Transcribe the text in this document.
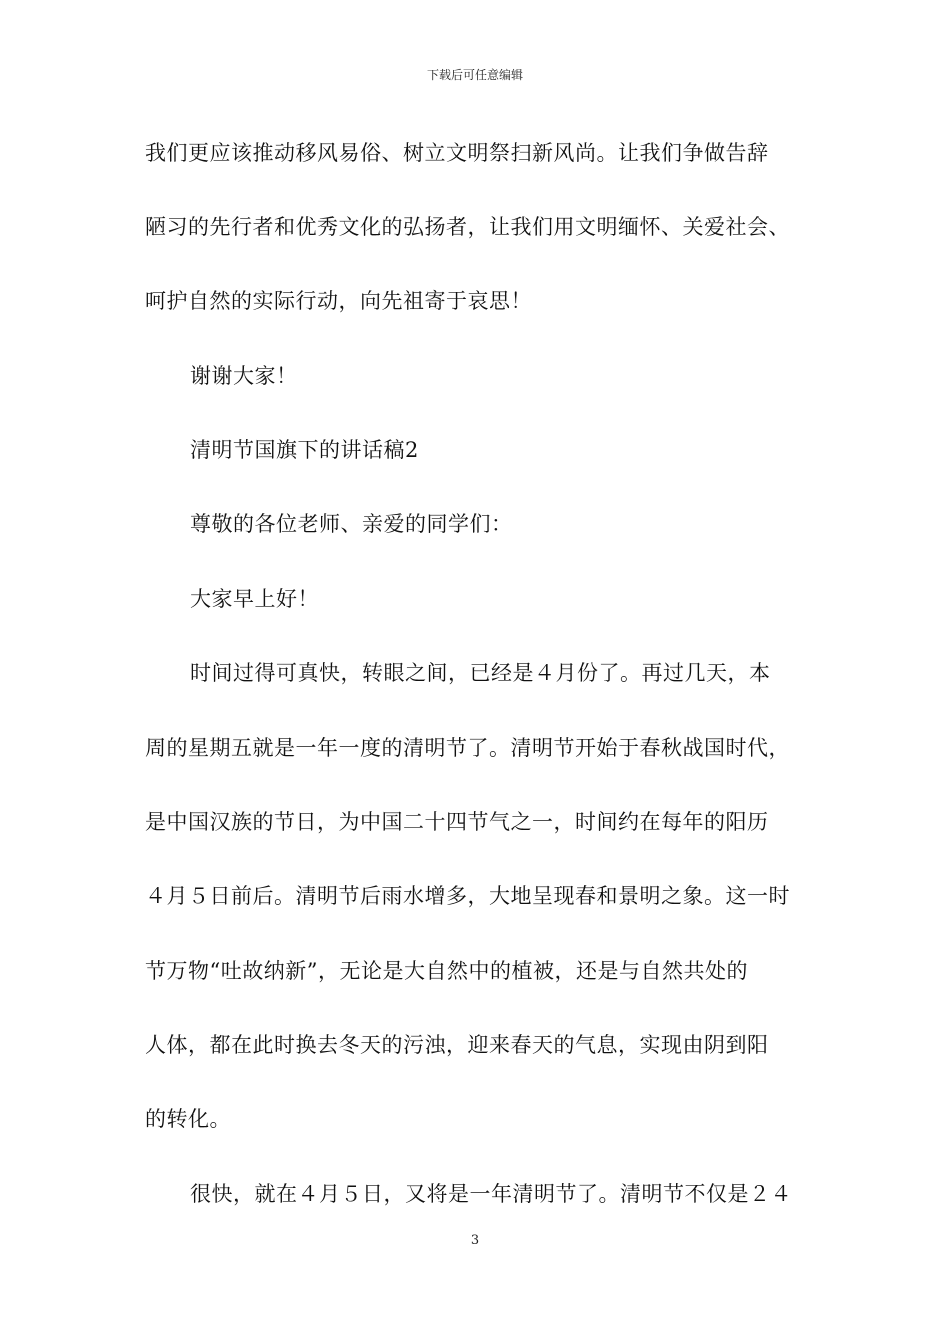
下载后可任意编辑
我们更应该推动移风易俗、树立文明祭扫新风尚。让我们争做告辞
陋习的先行者和优秀文化的弘扬者，让我们用文明缅怀、关爱社会、
呵护自然的实际行动，向先祖寄于哀思！
谢谢大家！
清明节国旗下的讲话稿2
尊敬的各位老师、亲爱的同学们：
大家早上好！
时间过得可真快，转眼之间，已经是４月份了。再过几天，本
周的星期五就是一年一度的清明节了。清明节开始于春秋战国时代，
是中国汉族的节日，为中国二十四节气之一，时间约在每年的阳历
４月５日前后。清明节后雨水增多，大地呈现春和景明之象。这一时
节万物“吐故纳新”，无论是大自然中的植被，还是与自然共处的
人体，都在此时换去冬天的污浊，迎来春天的气息，实现由阴到阳
的转化。
很快，就在４月５日，又将是一年清明节了。清明节不仅是２４
3
